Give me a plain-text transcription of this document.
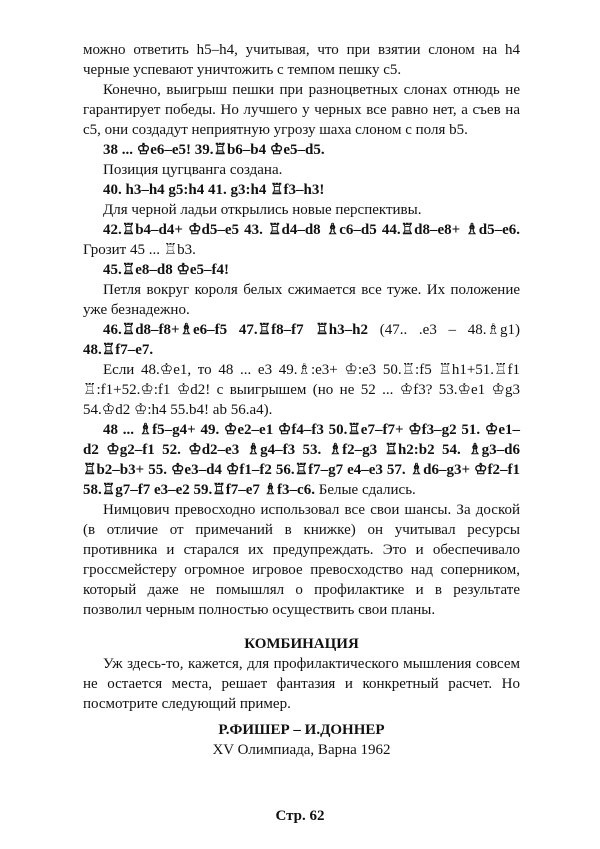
можно ответить h5–h4, учитывая, что при взятии слоном на h4 черные успевают уничтожить с темпом пешку с5.

Конечно, выигрыш пешки при разноцветных слонах отнюдь не гарантирует победы. Но лучшего у черных все равно нет, а съев на с5, они создадут неприятную угрозу шаха слоном с поля b5.

38 ... ♔e6–e5! 39.♖b6–b4 ♔e5–d5.

Позиция цугцванга создана.

40. h3–h4 g5:h4 41. g3:h4 ♖f3–h3!

Для черной ладьи открылись новые перспективы.

42.♖b4–d4+ ♔d5–e5 43. ♖d4–d8 ♗c6–d5 44.♖d8–e8+ ♗d5–e6. Грозит 45 ... ♖b3.

45.♖e8–d8 ♔e5–f4!

Петля вокруг короля белых сжимается все туже. Их положение уже безнадежно.

46.♖d8–f8+♗e6–f5 47.♖f8–f7 ♖h3–h2 (47.. .e3 – 48.♗g1) 48.♖f7–e7.

Если 48.♔e1, то 48 ... e3 49.♗:e3+ ♔:e3 50.♖:f5 ♖h1+51.♖f1 ♖:f1+52.♔:f1 ♔d2! с выигрышем (но не 52 ... ♔f3? 53.♔e1 ♔g3 54.♔d2 ♔:h4 55.b4! ab 56.a4).

48 ... ♗f5–g4+ 49. ♔e2–e1 ♔f4–f3 50.♖e7–f7+ ♔f3–g2 51. ♔e1–d2 ♔g2–f1 52. ♔d2–e3 ♗g4–f3 53. ♗f2–g3 ♖h2:b2 54. ♗g3–d6 ♖b2–b3+ 55. ♔e3–d4 ♔f1–f2 56.♖f7–g7 e4–e3 57. ♗d6–g3+ ♔f2–f1 58.♖g7–f7 e3–e2 59.♖f7–e7 ♗f3–c6. Белые сдались.

Нимцович превосходно использовал все свои шансы. За доской (в отличие от примечаний в книжке) он учитывал ресурсы противника и старался их предупреждать. Это и обеспечивало гроссмейстеру огромное игровое превосходство над соперником, который даже не помышлял о профилактике и в результате позволил черным полностью осуществить свои планы.

КОМБИНАЦИЯ

Уж здесь-то, кажется, для профилактического мышления совсем не остается места, решает фантазия и конкретный расчет. Но посмотрите следующий пример.

Р.ФИШЕР – И.ДОННЕР

XV Олимпиада, Варна 1962

Стр. 62
